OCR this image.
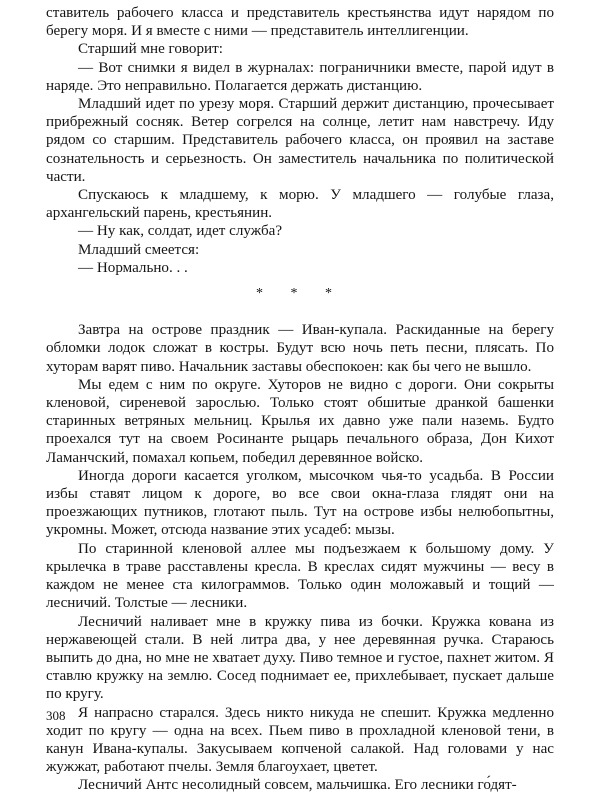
ставитель рабочего класса и представитель крестьянства идут нарядом по берегу моря. И я вместе с ними — представитель интеллигенции.

Старший мне говорит:

— Вот снимки я видел в журналах: пограничники вместе, парой идут в наряде. Это неправильно. Полагается держать дистанцию.

Младший идет по урезу моря. Старший держит дистанцию, прочесывает прибрежный сосняк. Ветер согрелся на солнце, летит нам навстречу. Иду рядом со старшим. Представитель рабочего класса, он проявил на заставе сознательность и серьезность. Он заместитель начальника по политической части.

Спускаюсь к младшему, к морю. У младшего — голубые глаза, архангельский парень, крестьянин.

— Ну как, солдат, идет служба?

Младший смеется:

— Нормально. . .

* * *

Завтра на острове праздник — Иван-купала. Раскиданные на берегу обломки лодок сложат в костры. Будут всю ночь петь песни, плясать. По хуторам варят пиво. Начальник заставы обеспокоен: как бы чего не вышло.

Мы едем с ним по округе. Хуторов не видно с дороги. Они сокрыты кленовой, сиреневой зарослью. Только стоят обшитые дранкой башенки старинных ветряных мельниц. Крылья их давно уже пали наземь. Будто проехался тут на своем Росинанте рыцарь печального образа, Дон Кихот Ламанчский, помахал копьем, победил деревянное войско.

Иногда дороги касается уголком, мысочком чья-то усадьба. В России избы ставят лицом к дороге, во все свои окна-глаза глядят они на проезжающих путников, глотают пыль. Тут на острове избы нелюбопытны, укромны. Может, отсюда название этих усадеб: мызы.

По старинной кленовой аллее мы подъезжаем к большому дому. У крылечка в траве расставлены кресла. В креслах сидят мужчины — весу в каждом не менее ста килограммов. Только один моложавый и тощий — лесничий. Толстые — лесники.

Лесничий наливает мне в кружку пива из бочки. Кружка кована из нержавеющей стали. В ней литра два, у нее деревянная ручка. Стараюсь выпить до дна, но мне не хватает духу. Пиво темное и густое, пахнет житом. Я ставлю кружку на землю. Сосед поднимает ее, прихлебывает, пускает дальше по кругу.

Я напрасно старался. Здесь никто никуда не спешит. Кружка медленно ходит по кругу — одна на всех. Пьем пиво в прохладной кленовой тени, в канун Ивана-купалы. Закусываем копченой салакой. Над головами у нас жужжат, работают пчелы. Земля благоухает, цветет.

Лесничий Антс несолидный совсем, мальчишка. Его лесники го́дят-

308
